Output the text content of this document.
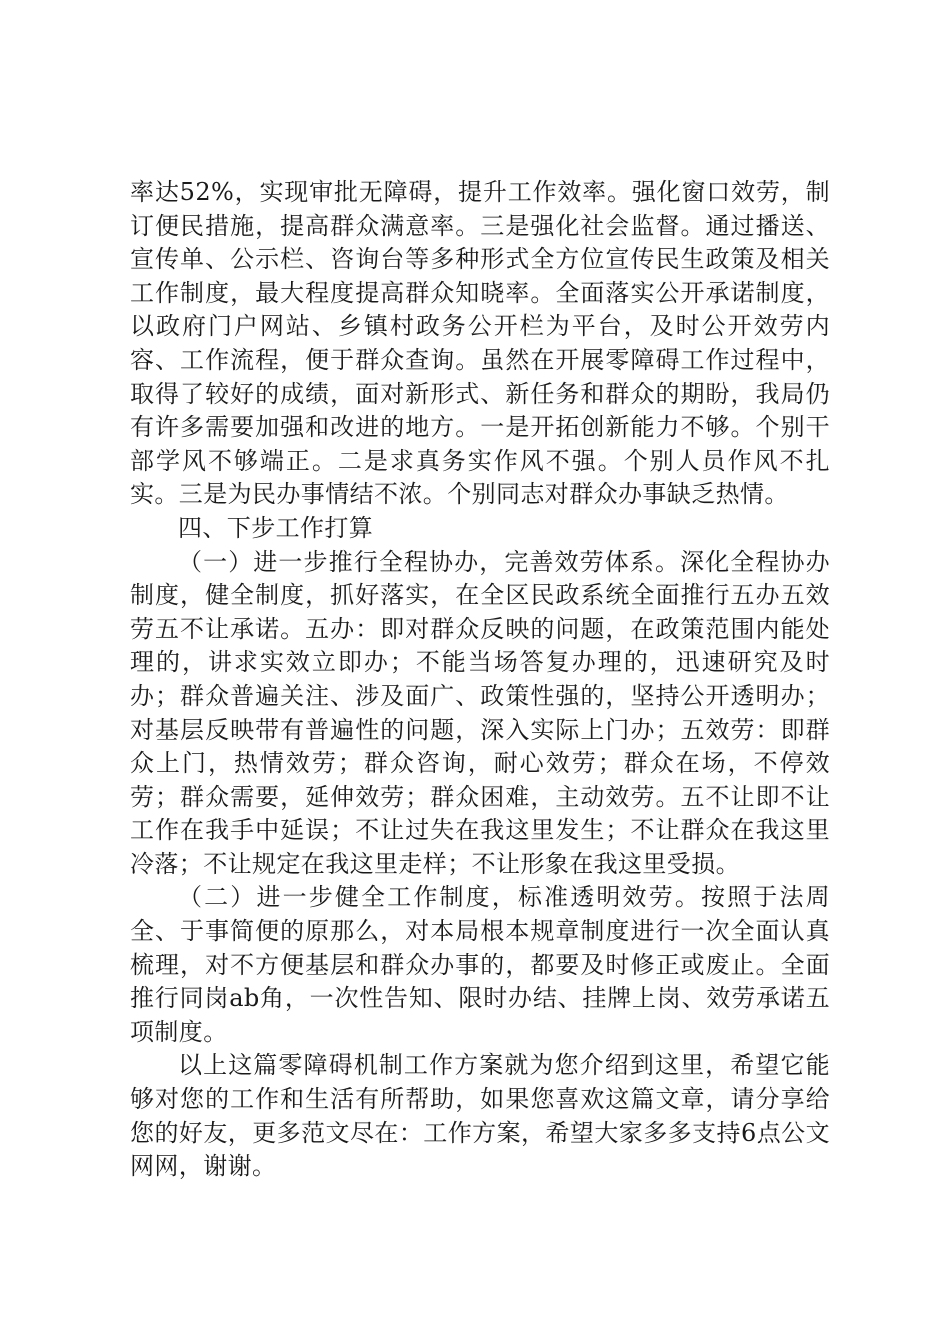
率达52%，实现审批无障碍，提升工作效率。强化窗口效劳，制订便民措施，提高群众满意率。三是强化社会监督。通过播送、宣传单、公示栏、咨询台等多种形式全方位宣传民生政策及相关工作制度，最大程度提高群众知晓率。全面落实公开承诺制度，以政府门户网站、乡镇村政务公开栏为平台，及时公开效劳内容、工作流程，便于群众查询。虽然在开展零障碍工作过程中，取得了较好的成绩，面对新形式、新任务和群众的期盼，我局仍有许多需要加强和改进的地方。一是开拓创新能力不够。个别干部学风不够端正。二是求真务实作风不强。个别人员作风不扎实。三是为民办事情结不浓。个别同志对群众办事缺乏热情。

四、下步工作打算

（一）进一步推行全程协办，完善效劳体系。深化全程协办制度，健全制度，抓好落实，在全区民政系统全面推行五办五效劳五不让承诺。五办：即对群众反映的问题，在政策范围内能处理的，讲求实效立即办；不能当场答复办理的，迅速研究及时办；群众普遍关注、涉及面广、政策性强的，坚持公开透明办；对基层反映带有普遍性的问题，深入实际上门办；五效劳：即群众上门，热情效劳；群众咨询，耐心效劳；群众在场，不停效劳；群众需要，延伸效劳；群众困难，主动效劳。五不让即不让工作在我手中延误；不让过失在我这里发生；不让群众在我这里冷落；不让规定在我这里走样；不让形象在我这里受损。

（二）进一步健全工作制度，标准透明效劳。按照于法周全、于事简便的原那么，对本局根本规章制度进行一次全面认真梳理，对不方便基层和群众办事的，都要及时修正或废止。全面推行同岗ab角，一次性告知、限时办结、挂牌上岗、效劳承诺五项制度。

以上这篇零障碍机制工作方案就为您介绍到这里，希望它能够对您的工作和生活有所帮助，如果您喜欢这篇文章，请分享给您的好友，更多范文尽在：工作方案，希望大家多多支持6点公文网网，谢谢。
